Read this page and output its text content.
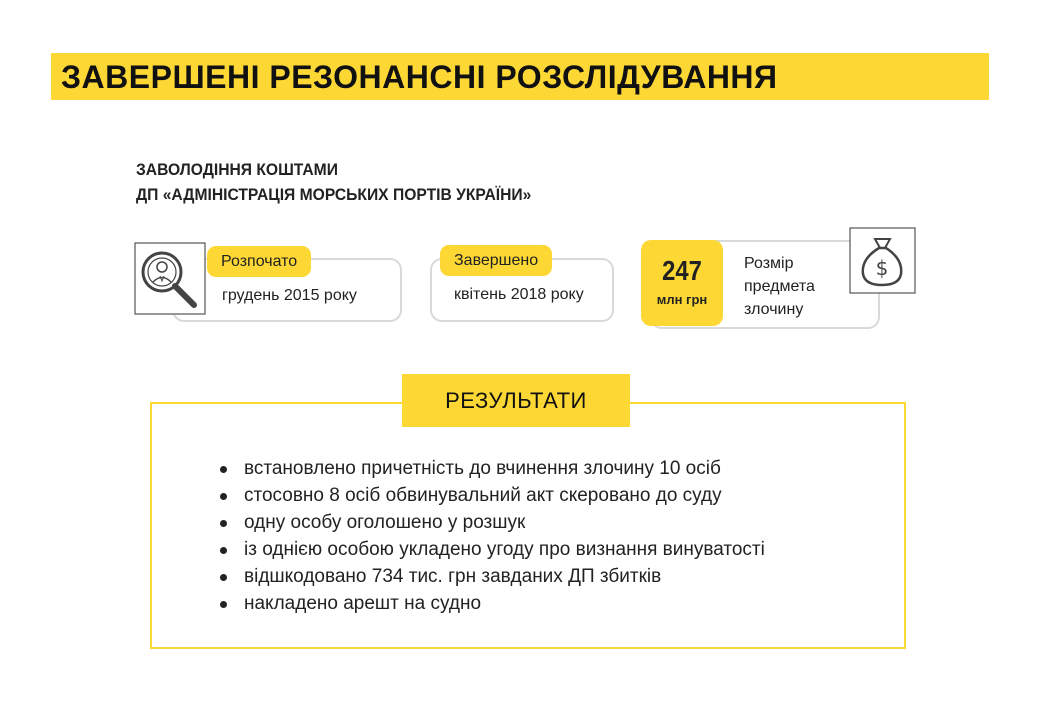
ЗАВЕРШЕНІ РЕЗОНАНСНІ РОЗСЛІДУВАННЯ
ЗАВОЛОДІННЯ КОШТАМИ
ДП «АДМІНІСТРАЦІЯ МОРСЬКИХ ПОРТІВ УКРАЇНИ»
Розпочато
грудень 2015 року
Завершено
квітень 2018 року
247
млн грн
Розмір
предмета
злочину
$
РЕЗУЛЬТАТИ
встановлено причетність до вчинення злочину 10 осіб
стосовно 8 осіб обвинувальний акт скеровано до суду
одну особу оголошено у розшук
із однією особою укладено угоду про визнання винуватості
відшкодовано 734 тис. грн завданих ДП збитків
накладено арешт на судно
